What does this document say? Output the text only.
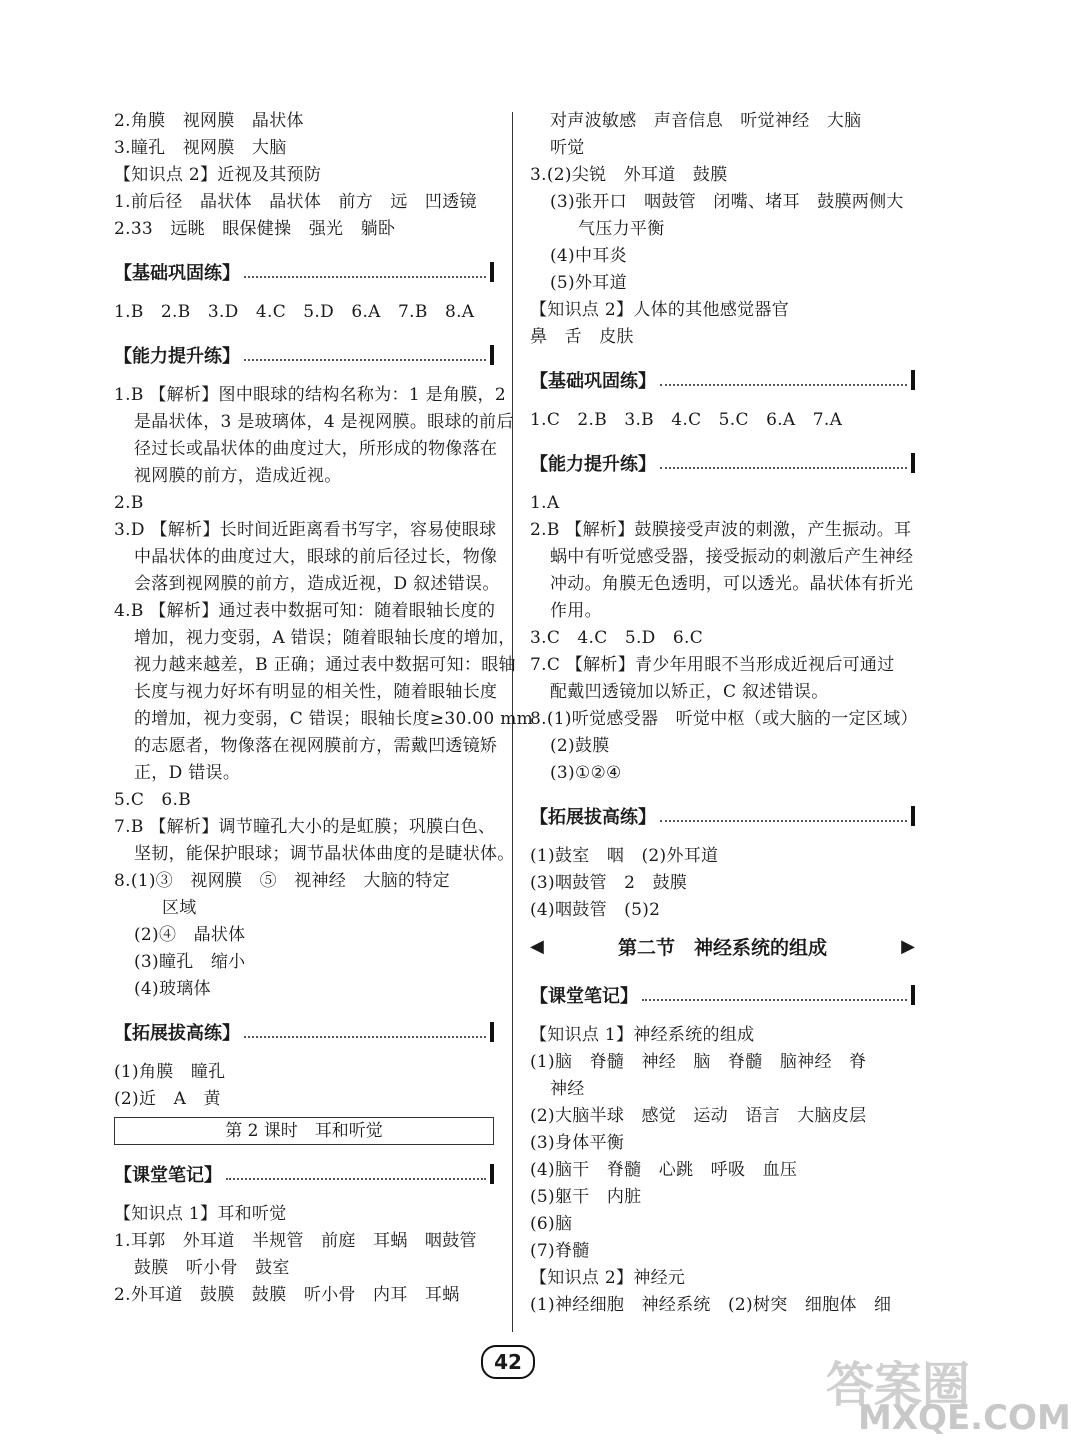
2.角膜　视网膜　晶状体
3.瞳孔　视网膜　大脑
【知识点 2】近视及其预防
1.前后径　晶状体　晶状体　前方　远　凹透镜
2.33　远眺　眼保健操　强光　躺卧
【基础巩固练】
1.B　2.B　3.D　4.C　5.D　6.A　7.B　8.A
【能力提升练】
1.B 【解析】图中眼球的结构名称为：1 是角膜，2
是晶状体，3 是玻璃体，4 是视网膜。眼球的前后
径过长或晶状体的曲度过大，所形成的物像落在
视网膜的前方，造成近视。
2.B
3.D 【解析】长时间近距离看书写字，容易使眼球
中晶状体的曲度过大，眼球的前后径过长，物像
会落到视网膜的前方，造成近视，D 叙述错误。
4.B 【解析】通过表中数据可知：随着眼轴长度的
增加，视力变弱，A 错误；随着眼轴长度的增加，
视力越来越差，B 正确；通过表中数据可知：眼轴
长度与视力好坏有明显的相关性，随着眼轴长度
的增加，视力变弱，C 错误；眼轴长度≥30.00 mm
的志愿者，物像落在视网膜前方，需戴凹透镜矫
正，D 错误。
5.C　6.B
7.B 【解析】调节瞳孔大小的是虹膜；巩膜白色、
坚韧，能保护眼球；调节晶状体曲度的是睫状体。
8.(1)③　视网膜　⑤　视神经　大脑的特定
区域
(2)④　晶状体
(3)瞳孔　缩小
(4)玻璃体
【拓展拔高练】
(1)角膜　瞳孔
(2)近　A　黄
第 2 课时　耳和听觉
【课堂笔记】
【知识点 1】耳和听觉
1.耳郭　外耳道　半规管　前庭　耳蜗　咽鼓管
鼓膜　听小骨　鼓室
2.外耳道　鼓膜　鼓膜　听小骨　内耳　耳蜗
对声波敏感　声音信息　听觉神经　大脑
听觉
3.(2)尖锐　外耳道　鼓膜
(3)张开口　咽鼓管　闭嘴、堵耳　鼓膜两侧大
气压力平衡
(4)中耳炎
(5)外耳道
【知识点 2】人体的其他感觉器官
鼻　舌　皮肤
【基础巩固练】
1.C　2.B　3.B　4.C　5.C　6.A　7.A
【能力提升练】
1.A
2.B 【解析】鼓膜接受声波的刺激，产生振动。耳
蜗中有听觉感受器，接受振动的刺激后产生神经
冲动。角膜无色透明，可以透光。晶状体有折光
作用。
3.C　4.C　5.D　6.C
7.C 【解析】青少年用眼不当形成近视后可通过
配戴凹透镜加以矫正，C 叙述错误。
8.(1)听觉感受器　听觉中枢（或大脑的一定区域）
(2)鼓膜
(3)①②④
【拓展拔高练】
(1)鼓室　咽　(2)外耳道
(3)咽鼓管　2　鼓膜
(4)咽鼓管　(5)2
◀	第二节　神经系统的组成	▶
【课堂笔记】
【知识点 1】神经系统的组成
(1)脑　脊髓　神经　脑　脊髓　脑神经　脊
神经
(2)大脑半球　感觉　运动　语言　大脑皮层
(3)身体平衡
(4)脑干　脊髓　心跳　呼吸　血压
(5)躯干　内脏
(6)脑
(7)脊髓
【知识点 2】神经元
(1)神经细胞　神经系统　(2)树突　细胞体　细
42	答案圈
MXQE.COM
